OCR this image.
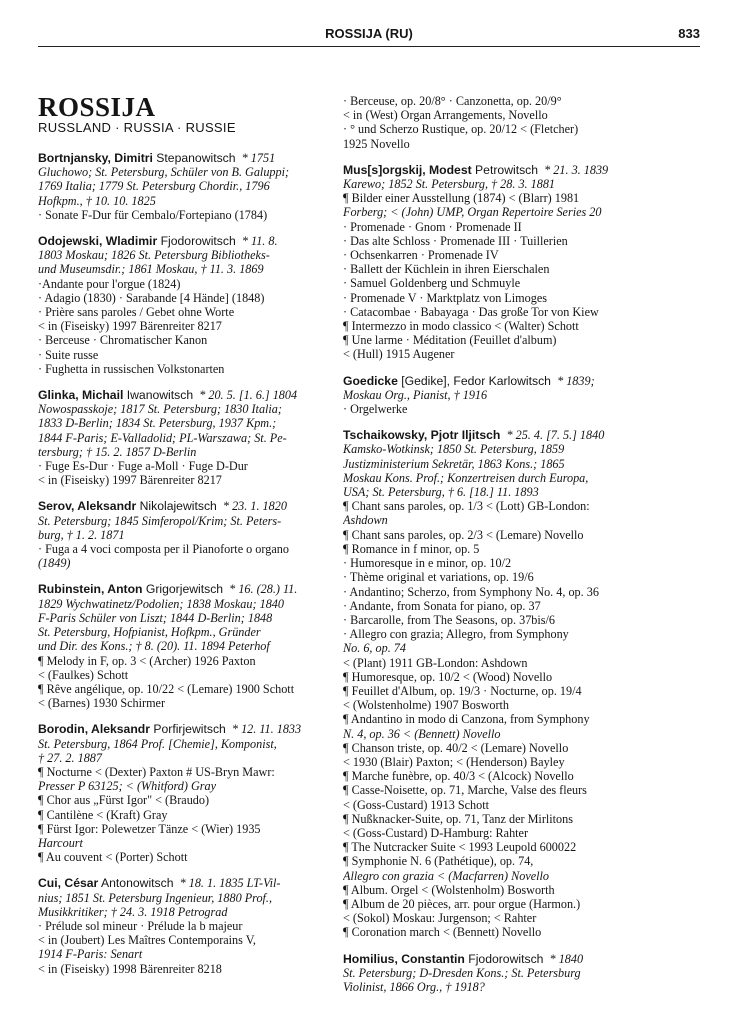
ROSSIJA (RU)	833
ROSSIJA
RUSSLAND · RUSSIA · RUSSIE
Bortnjansky, Dimitri Stepanowitsch * 1751
Gluchowo; St. Petersburg, Schüler von B. Galuppi;
1769 Italia; 1779 St. Petersburg Chordir., 1796
Hofkpm., † 10. 10. 1825
· Sonate F-Dur für Cembalo/Fortepiano (1784)
Odojewski, Wladimir Fjodorowitsch * 11. 8.
1803 Moskau; 1826 St. Petersburg Bibliotheks-
und Museumsdir.; 1861 Moskau, † 11. 3. 1869
·Andante pour l'orgue (1824)
· Adagio (1830) · Sarabande [4 Hände] (1848)
· Prière sans paroles / Gebet ohne Worte
< in (Fiseisky) 1997 Bärenreiter 8217
· Berceuse · Chromatischer Kanon
· Suite russe
· Fughetta in russischen Volkstonarten
Glinka, Michail Iwanowitsch * 20. 5. [1. 6.] 1804
Nowospasskoje; 1817 St. Petersburg; 1830 Italia;
1833 D-Berlin; 1834 St. Petersburg, 1937 Kpm.;
1844 F-Paris; E-Valladolid; PL-Warszawa; St. Pe-
tersburg; † 15. 2. 1857 D-Berlin
· Fuge Es-Dur · Fuge a-Moll · Fuge D-Dur
< in (Fiseisky) 1997 Bärenreiter 8217
Serov, Aleksandr Nikolajewitsch * 23. 1. 1820
St. Petersburg; 1845 Simferopol/Krim; St. Peters-
burg, † 1. 2. 1871
· Fuga a 4 voci composta per il Pianoforte o organo
(1849)
Rubinstein, Anton Grigorjewitsch * 16. (28.) 11.
1829 Wychwatinetz/Podolien; 1838 Moskau; 1840
F-Paris Schüler von Liszt; 1844 D-Berlin; 1848
St. Petersburg, Hofpianist, Hofkpm., Gründer
und Dir. des Kons.; † 8. (20). 11. 1894 Peterhof
¶ Melody in F, op. 3 < (Archer) 1926 Paxton
< (Faulkes) Schott
¶ Rêve angélique, op. 10/22 < (Lemare) 1900 Schott
< (Barnes) 1930 Schirmer
Borodin, Aleksandr Porfirjewitsch * 12. 11. 1833
St. Petersburg, 1864 Prof. [Chemie], Komponist,
† 27. 2. 1887
¶ Nocturne < (Dexter) Paxton # US-Bryn Mawr:
Presser P 63125; < (Whitford) Gray
¶ Chor aus „Fürst Igor" < (Braudo)
¶ Cantilène < (Kraft) Gray
¶ Fürst Igor: Polewetzer Tänze < (Wier) 1935
Harcourt
¶ Au couvent < (Porter) Schott
Cui, César Antonowitsch * 18. 1. 1835 LT-Vil-
nius; 1851 St. Petersburg Ingenieur, 1880 Prof.,
Musikkritiker; † 24. 3. 1918 Petrograd
· Prélude sol mineur · Prélude la b majeur
< in (Joubert) Les Maîtres Contemporains V,
1914 F-Paris: Senart
< in (Fiseisky) 1998 Bärenreiter 8218
· Berceuse, op. 20/8° · Canzonetta, op. 20/9°
< in (West) Organ Arrangements, Novello
· ° und Scherzo Rustique, op. 20/12 < (Fletcher)
1925 Novello
Mus[s]orgskij, Modest Petrowitsch * 21. 3. 1839
Karewo; 1852 St. Petersburg, † 28. 3. 1881
¶ Bilder einer Ausstellung (1874) < (Blarr) 1981
Forberg; < (John) UMP, Organ Repertoire Series 20
· Promenade · Gnom · Promenade II
· Das alte Schloss · Promenade III · Tuillerien
· Ochsenkarren · Promenade IV
· Ballett der Küchlein in ihren Eierschalen
· Samuel Goldenberg und Schmuyle
· Promenade V · Marktplatz von Limoges
· Catacombae · Babayaga · Das große Tor von Kiew
¶ Intermezzo in modo classico < (Walter) Schott
¶ Une larme · Méditation (Feuillet d'album)
< (Hull) 1915 Augener
Goedicke [Gedike], Fedor Karlowitsch * 1839;
Moskau Org., Pianist, † 1916
· Orgelwerke
Tschaikowsky, Pjotr Iljitsch * 25. 4. [7. 5.] 1840
Kamsko-Wotkinsk; 1850 St. Petersburg, 1859
Justizministerium Sekretär, 1863 Kons.; 1865
Moskau Kons. Prof.; Konzertreisen durch Europa,
USA; St. Petersburg, † 6. [18.] 11. 1893
¶ Chant sans paroles, op. 1/3 < (Lott) GB-London:
Ashdown
¶ Chant sans paroles, op. 2/3 < (Lemare) Novello
¶ Romance in f minor, op. 5
· Humoresque in e minor, op. 10/2
· Thème original et variations, op. 19/6
· Andantino; Scherzo, from Symphony No. 4, op. 36
· Andante, from Sonata for piano, op. 37
· Barcarolle, from The Seasons, op. 37bis/6
· Allegro con grazia; Allegro, from Symphony
No. 6, op. 74
< (Plant) 1911 GB-London: Ashdown
¶ Humoresque, op. 10/2 < (Wood) Novello
¶ Feuillet d'Album, op. 19/3 · Nocturne, op. 19/4
< (Wolstenholme) 1907 Bosworth
¶ Andantino in modo di Canzona, from Symphony
N. 4, op. 36 < (Bennett) Novello
¶ Chanson triste, op. 40/2 < (Lemare) Novello
< 1930 (Blair) Paxton; < (Henderson) Bayley
¶ Marche funèbre, op. 40/3 < (Alcock) Novello
¶ Casse-Noisette, op. 71, Marche, Valse des fleurs
< (Goss-Custard) 1913 Schott
¶ Nußknacker-Suite, op. 71, Tanz der Mirlitons
< (Goss-Custard) D-Hamburg: Rahter
¶ The Nutcracker Suite < 1993 Leupold 600022
¶ Symphonie N. 6 (Pathétique), op. 74,
Allegro con grazia < (Macfarren) Novello
¶ Album. Orgel < (Wolstenholm) Bosworth
¶ Album de 20 pièces, arr. pour orgue (Harmon.)
< (Sokol) Moskau: Jurgenson; < Rahter
¶ Coronation march < (Bennett) Novello
Homilius, Constantin Fjodorowitsch * 1840
St. Petersburg; D-Dresden Kons.; St. Petersburg
Violinist, 1866 Org., † 1918?
